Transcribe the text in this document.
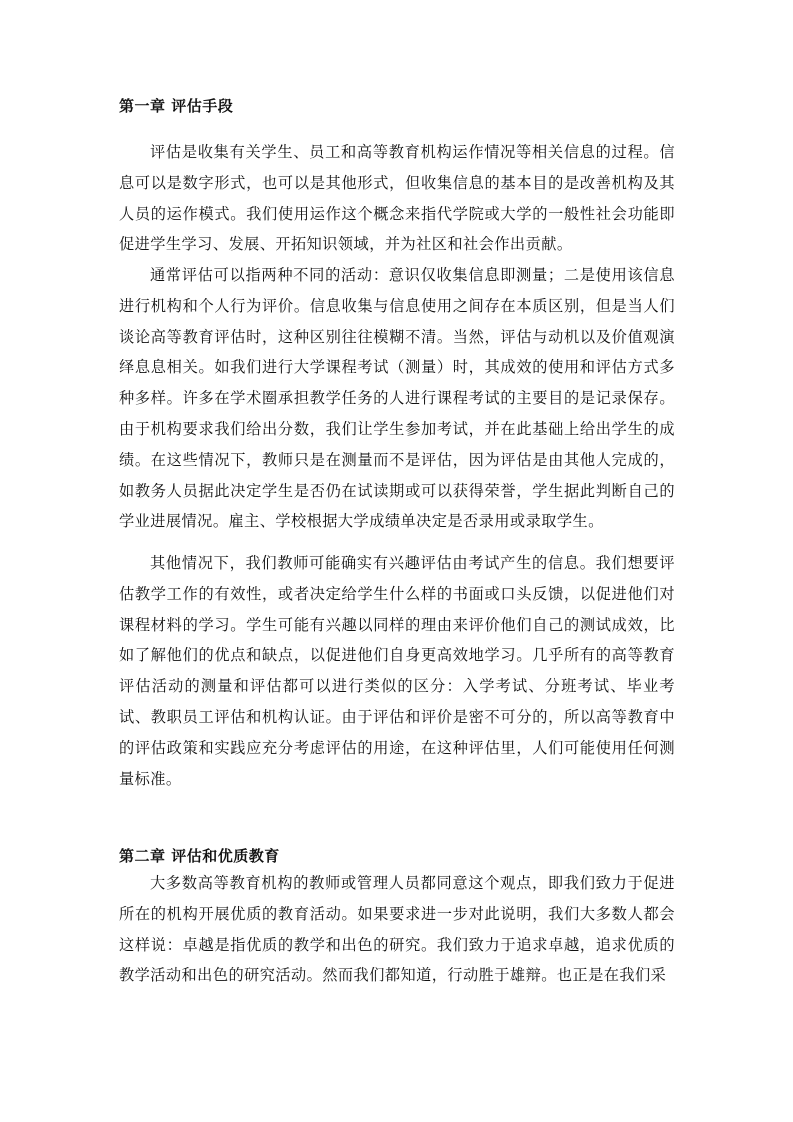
第一章 评估手段

评估是收集有关学生、员工和高等教育机构运作情况等相关信息的过程。信息可以是数字形式，也可以是其他形式，但收集信息的基本目的是改善机构及其人员的运作模式。我们使用运作这个概念来指代学院或大学的一般性社会功能即促进学生学习、发展、开拓知识领域，并为社区和社会作出贡献。

通常评估可以指两种不同的活动：意识仅收集信息即测量；二是使用该信息进行机构和个人行为评价。信息收集与信息使用之间存在本质区别，但是当人们谈论高等教育评估时，这种区别往往模糊不清。当然，评估与动机以及价值观演绎息息相关。如我们进行大学课程考试（测量）时，其成效的使用和评估方式多种多样。许多在学术圈承担教学任务的人进行课程考试的主要目的是记录保存。由于机构要求我们给出分数，我们让学生参加考试，并在此基础上给出学生的成绩。在这些情况下，教师只是在测量而不是评估，因为评估是由其他人完成的，如教务人员据此决定学生是否仍在试读期或可以获得荣誉，学生据此判断自己的学业进展情况。雇主、学校根据大学成绩单决定是否录用或录取学生。

其他情况下，我们教师可能确实有兴趣评估由考试产生的信息。我们想要评估教学工作的有效性，或者决定给学生什么样的书面或口头反馈，以促进他们对课程材料的学习。学生可能有兴趣以同样的理由来评价他们自己的测试成效，比如了解他们的优点和缺点，以促进他们自身更高效地学习。几乎所有的高等教育评估活动的测量和评估都可以进行类似的区分：入学考试、分班考试、毕业考试、教职员工评估和机构认证。由于评估和评价是密不可分的，所以高等教育中的评估政策和实践应充分考虑评估的用途，在这种评估里，人们可能使用任何测量标准。

第二章 评估和优质教育

大多数高等教育机构的教师或管理人员都同意这个观点，即我们致力于促进所在的机构开展优质的教育活动。如果要求进一步对此说明，我们大多数人都会这样说：卓越是指优质的教学和出色的研究。我们致力于追求卓越，追求优质的教学活动和出色的研究活动。然而我们都知道，行动胜于雄辩。也正是在我们采
